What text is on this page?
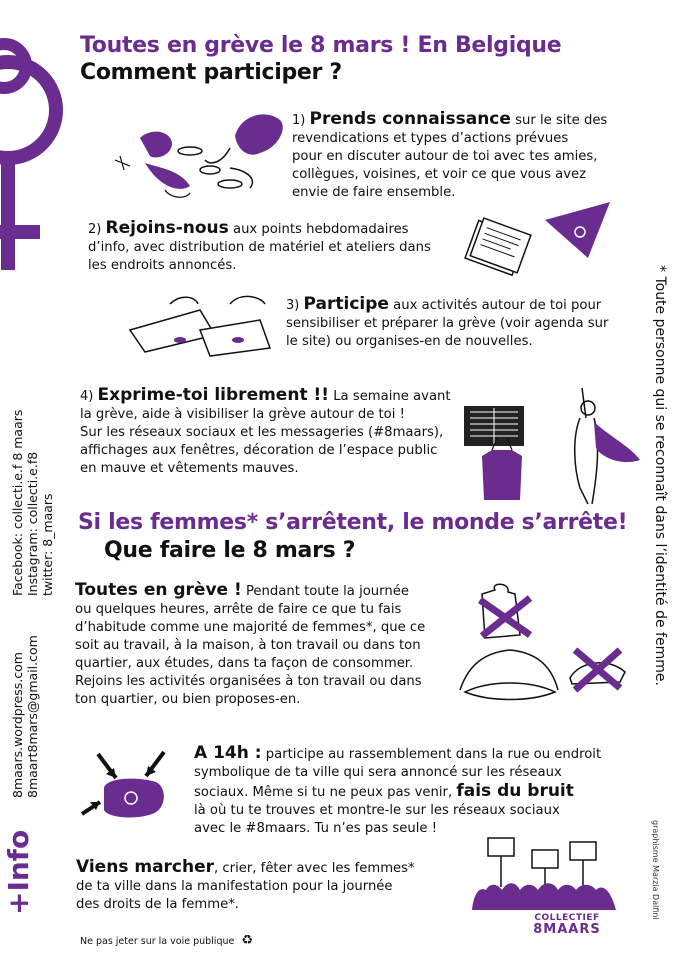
Toutes en grève le 8 mars ! En Belgique
Comment participer ?
1) Prends connaissance sur le site des
revendications et types d’actions prévues
pour en discuter autour de toi avec tes amies,
collègues, voisines, et voir ce que vous avez
envie de faire ensemble.
2) Rejoins-nous aux points hebdomadaires
d’info, avec distribution de matériel et ateliers dans
les endroits annoncés.
3) Participe aux activités autour de toi pour
sensibiliser et préparer la grève (voir agenda sur
le site) ou organises-en de nouvelles.
4) Exprime-toi librement !! La semaine avant
la grève, aide à visibiliser la grève autour de toi !
Sur les réseaux sociaux et les messageries (#8maars),
affichages aux fenêtres, décoration de l’espace public
en mauve et vêtements mauves.
Si les femmes* s’arrêtent, le monde s’arrête!
Que faire le 8 mars ?
Toutes en grève ! Pendant toute la journée
ou quelques heures, arrête de faire ce que tu fais
d’habitude comme une majorité de femmes*, que ce
soit au travail, à la maison, à ton travail ou dans ton
quartier, aux études, dans ta façon de consommer.
Rejoins les activités organisées à ton travail ou dans
ton quartier, ou bien proposes-en.
A 14h : participe au rassemblement dans la rue ou endroit
symbolique de ta ville qui sera annoncé sur les réseaux
sociaux. Même si tu ne peux pas venir, fais du bruit
là où tu te trouves et montre-le sur les réseaux sociaux
avec le #8maars. Tu n’es pas seule !
Viens marcher, crier, fêter avec les femmes*
de ta ville dans la manifestation pour la journée
des droits de la femme*.
COLLECTIEF
8MAARS
Ne pas jeter sur la voie publique ♻
+Info
8maars.wordpress.com 8maart8mars@gmail.com
Facebook: collecti.e.f 8 maars Instagram: collecti.e.f8 twitter: 8_maars	* Toute personne qui se reconnaît dans l’identité de femme.
graphisme Marzia Dalfini
